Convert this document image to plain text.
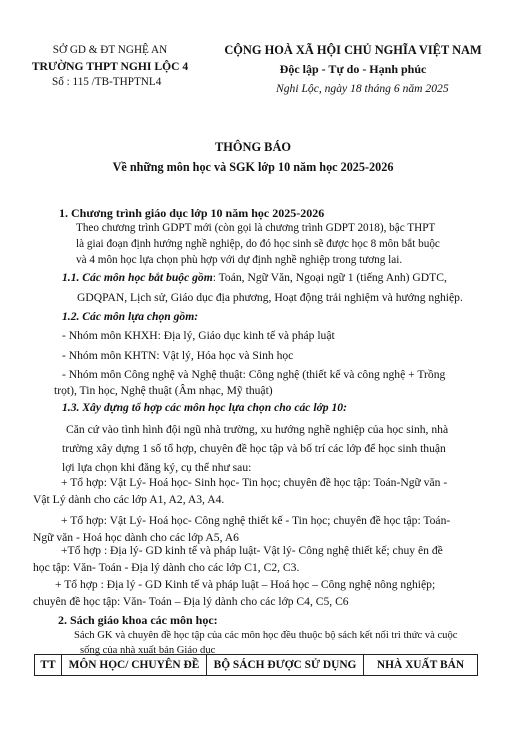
SỞ GD & ĐT NGHỆ AN
TRƯỜNG THPT NGHI LỘC 4
Số : 115 /TB-THPTNL4
CỘNG HOÀ XÃ HỘI CHỦ NGHĨA VIỆT NAM
Độc lập - Tự do - Hạnh phúc
Nghi Lộc, ngày 18 tháng 6 năm 2025
THÔNG BÁO
Về những môn học và SGK lớp 10 năm học 2025-2026
1. Chương trình giáo dục lớp 10 năm học 2025-2026
Theo chương trình GDPT mới (còn gọi là chương trình GDPT 2018), bậc THPT
là giai đoạn định hướng nghề nghiệp, do đó học sinh sẽ được học 8 môn bắt buộc
và 4 môn học lựa chọn phù hợp với dự định nghề nghiệp trong tương lai.
1.1. Các môn học bắt buộc gồm: Toán, Ngữ Văn, Ngoại ngữ 1 (tiếng Anh) GDTC,
GDQPAN, Lịch sử, Giáo dục địa phương, Hoạt động trải nghiệm và hướng nghiệp.
1.2. Các môn lựa chọn gồm:
- Nhóm môn KHXH: Địa lý, Giáo dục kinh tế và pháp luật
- Nhóm môn KHTN: Vật lý, Hóa học và Sinh học
- Nhóm môn Công nghệ và Nghệ thuật: Công nghệ (thiết kế và công nghệ + Trồng
trọt), Tin học, Nghệ thuật (Âm nhạc, Mỹ thuật)
1.3. Xây dựng tổ hợp các môn học lựa chọn cho các lớp 10:
Căn cứ vào tình hình đội ngũ nhà trường, xu hướng nghề nghiệp của học sinh, nhà
trường xây dựng 1 số tổ hợp, chuyên đề học tập và bố trí các lớp để học sinh thuận
lợi lựa chọn khi đăng ký, cụ thể như sau:
+ Tổ hợp: Vật Lý- Hoá học- Sinh học- Tin học; chuyên đề học tập: Toán-Ngữ văn -
Vật Lý dành cho các lớp A1, A2, A3, A4.
+ Tổ hợp: Vật Lý- Hoá học- Công nghệ thiết kế - Tin học; chuyên đề học tập: Toán-
Ngữ văn - Hoá học dành cho các lớp A5, A6
+Tổ hợp : Địa lý- GD kinh tế và pháp luật- Vật lý- Công nghệ thiết kế; chuy ên đề
học tập: Văn- Toán - Địa lý dành cho các lớp C1, C2, C3.
+ Tổ hợp : Địa lý - GD Kinh tế và pháp luật – Hoá học – Công nghệ nông nghiệp;
chuyên đề học tập: Văn- Toán – Địa lý dành cho các lớp C4, C5, C6
2. Sách giáo khoa các môn học:
Sách GK và chuyên đề học tập của các môn học đều thuộc bộ sách kết nối tri thức và cuộc
sống của nhà xuất bản Giáo dục
TT	MÔN HỌC/ CHUYÊN ĐỀ	BỘ SÁCH ĐƯỢC SỬ DỤNG	NHÀ XUẤT BẢN
